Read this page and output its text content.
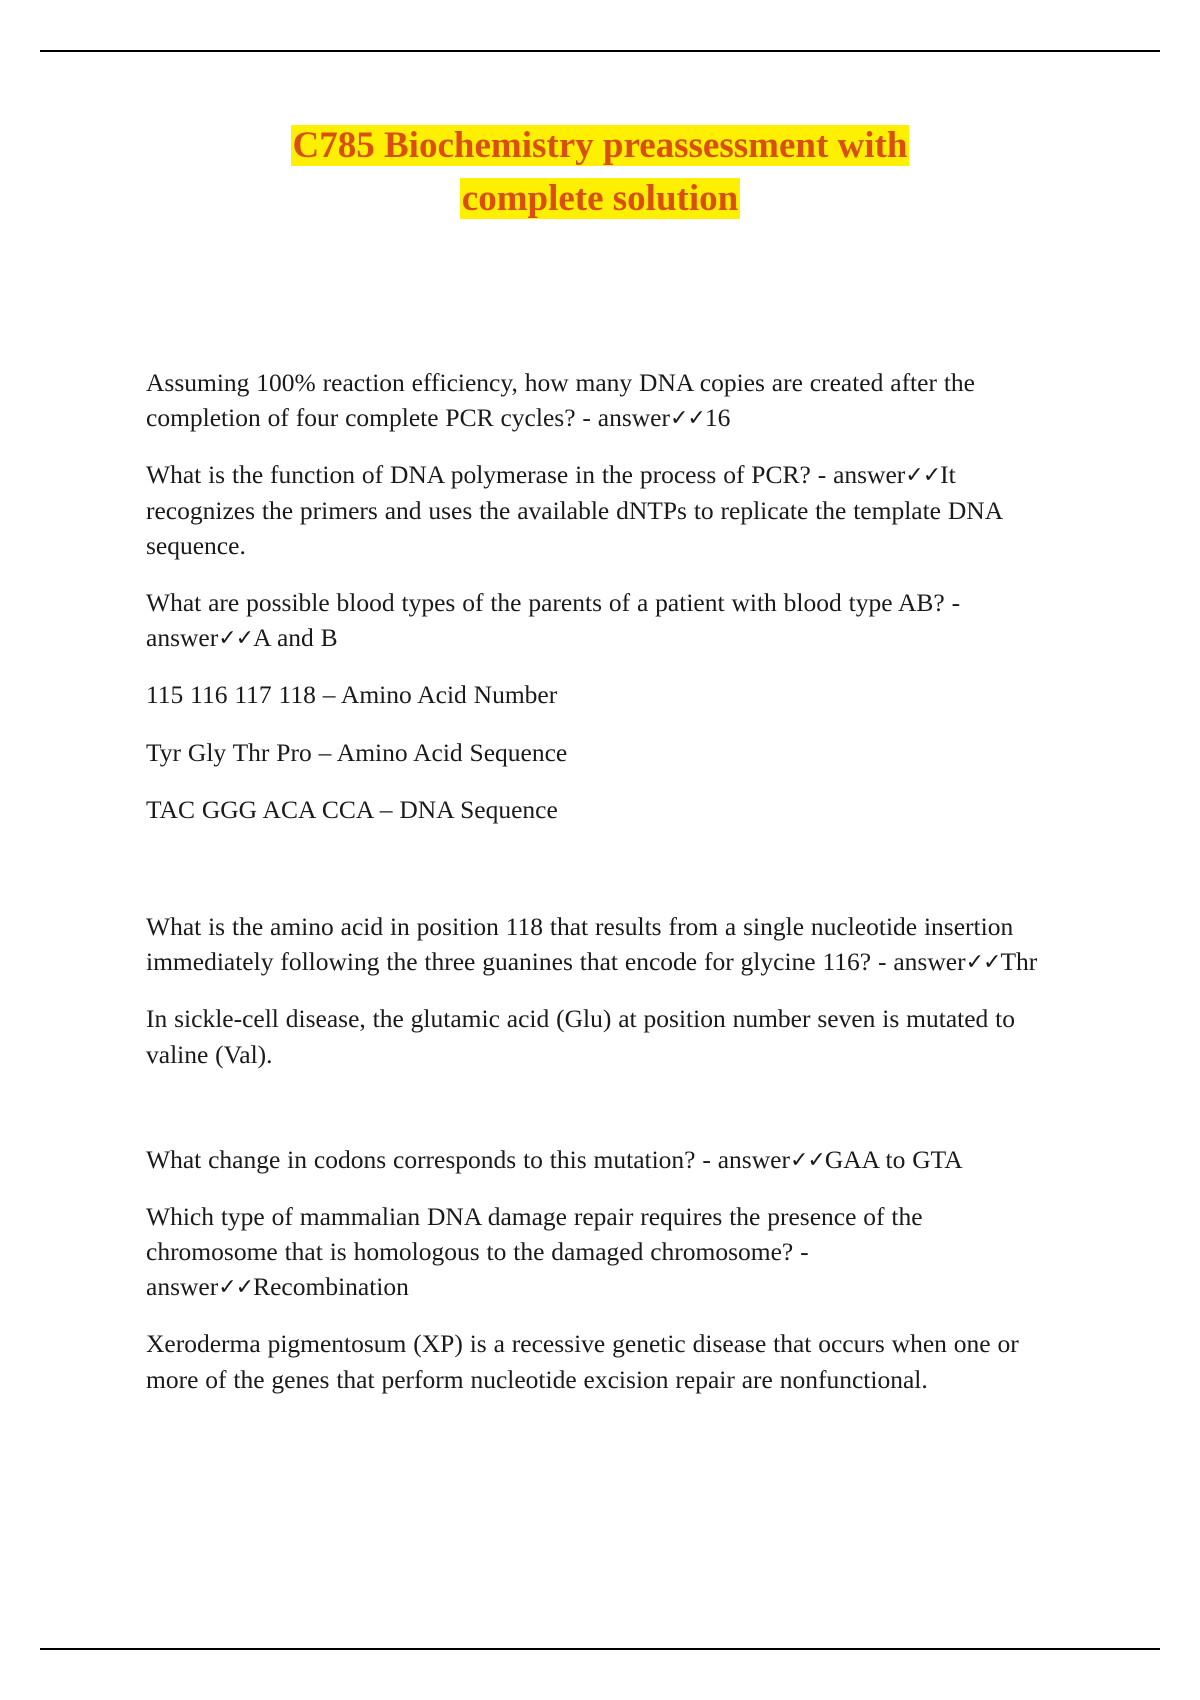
C785 Biochemistry preassessment with
complete solution

Assuming 100% reaction efficiency, how many DNA copies are created after the completion of four complete PCR cycles? - answer✓✓16

What is the function of DNA polymerase in the process of PCR? - answer✓✓It recognizes the primers and uses the available dNTPs to replicate the template DNA sequence.

What are possible blood types of the parents of a patient with blood type AB? - answer✓✓A and B

115 116 117 118 – Amino Acid Number

Tyr Gly Thr Pro – Amino Acid Sequence

TAC GGG ACA CCA – DNA Sequence

What is the amino acid in position 118 that results from a single nucleotide insertion immediately following the three guanines that encode for glycine 116? - answer✓✓Thr

In sickle-cell disease, the glutamic acid (Glu) at position number seven is mutated to valine (Val).

What change in codons corresponds to this mutation? - answer✓✓GAA to GTA

Which type of mammalian DNA damage repair requires the presence of the chromosome that is homologous to the damaged chromosome? - answer✓✓Recombination

Xeroderma pigmentosum (XP) is a recessive genetic disease that occurs when one or more of the genes that perform nucleotide excision repair are nonfunctional.
